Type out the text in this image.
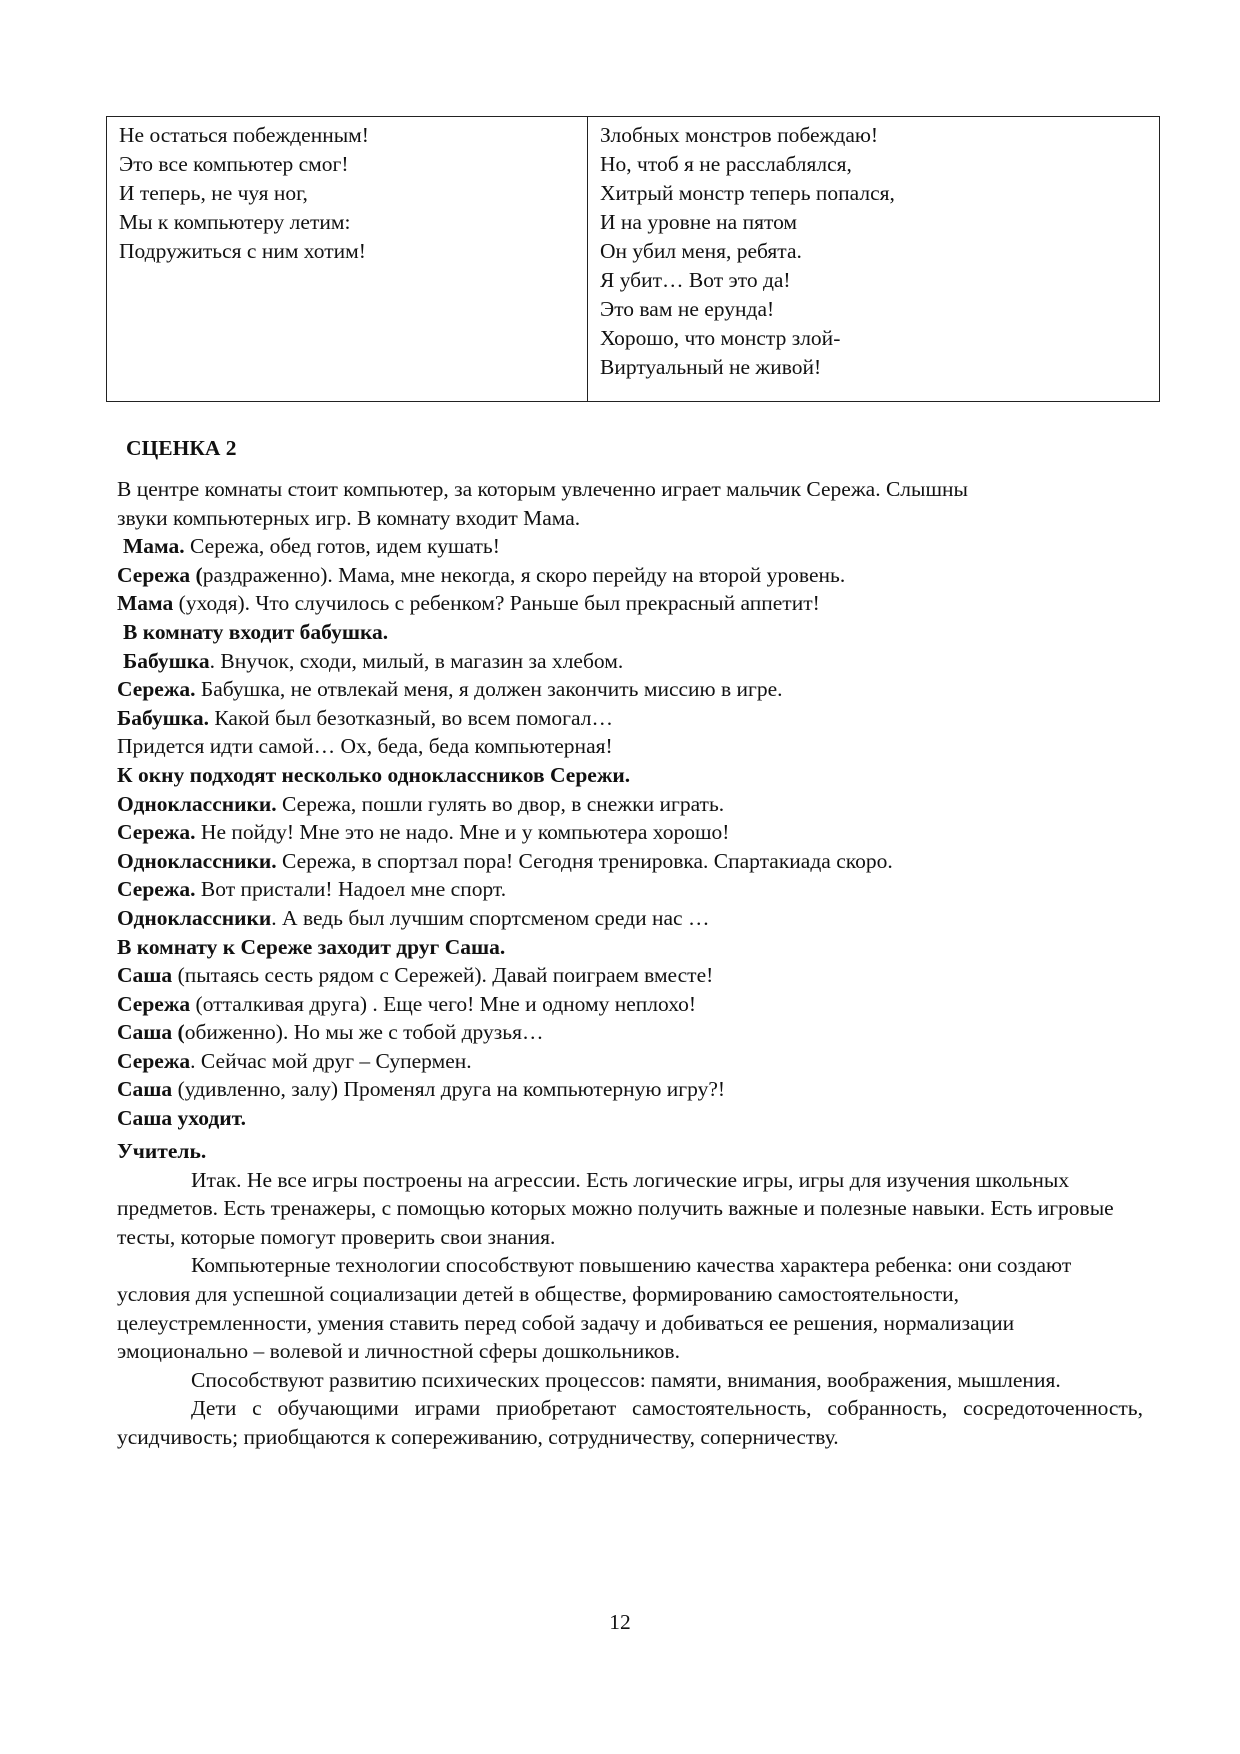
Не остаться побежденным!
Это все компьютер смог!
И теперь, не чуя ног,
Мы к компьютеру летим:
Подружиться с ним хотим!
Злобных монстров побеждаю!
Но, чтоб я не расслаблялся,
Хитрый монстр теперь попался,
И на уровне на пятом
Он убил меня, ребята.
Я убит… Вот это да!
Это вам не ерунда!
Хорошо, что монстр злой-
Виртуальный не живой!
СЦЕНКА 2
В центре комнаты стоит компьютер, за которым увлеченно играет мальчик Сережа. Слышны
звуки компьютерных игр. В комнату входит Мама.
Мама. Сережа, обед готов, идем кушать!
Сережа (раздраженно). Мама, мне некогда, я скоро перейду на второй уровень.
Мама (уходя). Что случилось с ребенком? Раньше был прекрасный аппетит!
В комнату входит бабушка.
Бабушка. Внучок, сходи, милый, в магазин за хлебом.
Сережа. Бабушка, не отвлекай меня, я должен закончить миссию в игре.
Бабушка. Какой был безотказный, во всем помогал…
Придется идти самой… Ох, беда, беда компьютерная!
К окну подходят несколько одноклассников Сережи.
Одноклассники. Сережа, пошли гулять во двор, в снежки играть.
Сережа. Не пойду! Мне это не надо. Мне и у компьютера хорошо!
Одноклассники. Сережа, в спортзал пора! Сегодня тренировка. Спартакиада скоро.
Сережа. Вот пристали! Надоел мне спорт.
Одноклассники. А ведь был лучшим спортсменом среди нас …
В комнату к Сереже заходит друг Саша.
Саша (пытаясь сесть рядом с Сережей). Давай поиграем вместе!
Сережа (отталкивая друга) . Еще чего! Мне и одному неплохо!
Саша (обиженно). Но мы же с тобой друзья…
Сережа. Сейчас мой друг – Супермен.
Саша (удивленно, залу) Променял друга на компьютерную игру?!
Саша уходит.
Учитель.

Итак. Не все игры построены на агрессии. Есть логические игры, игры для изучения школьных предметов. Есть тренажеры, с помощью которых можно получить важные и полезные навыки. Есть игровые тесты, которые помогут проверить свои знания.

Компьютерные технологии способствуют повышению качества характера ребенка: они создают условия для успешной социализации детей в обществе, формированию самостоятельности, целеустремленности, умения ставить перед собой задачу и добиваться ее решения, нормализации эмоционально – волевой и личностной сферы дошкольников.

Способствуют развитию психических процессов: памяти, внимания, воображения, мышления.

Дети с обучающими играми приобретают самостоятельность, собранность, сосредоточенность, усидчивость; приобщаются к сопереживанию, сотрудничеству, соперничеству.

12
